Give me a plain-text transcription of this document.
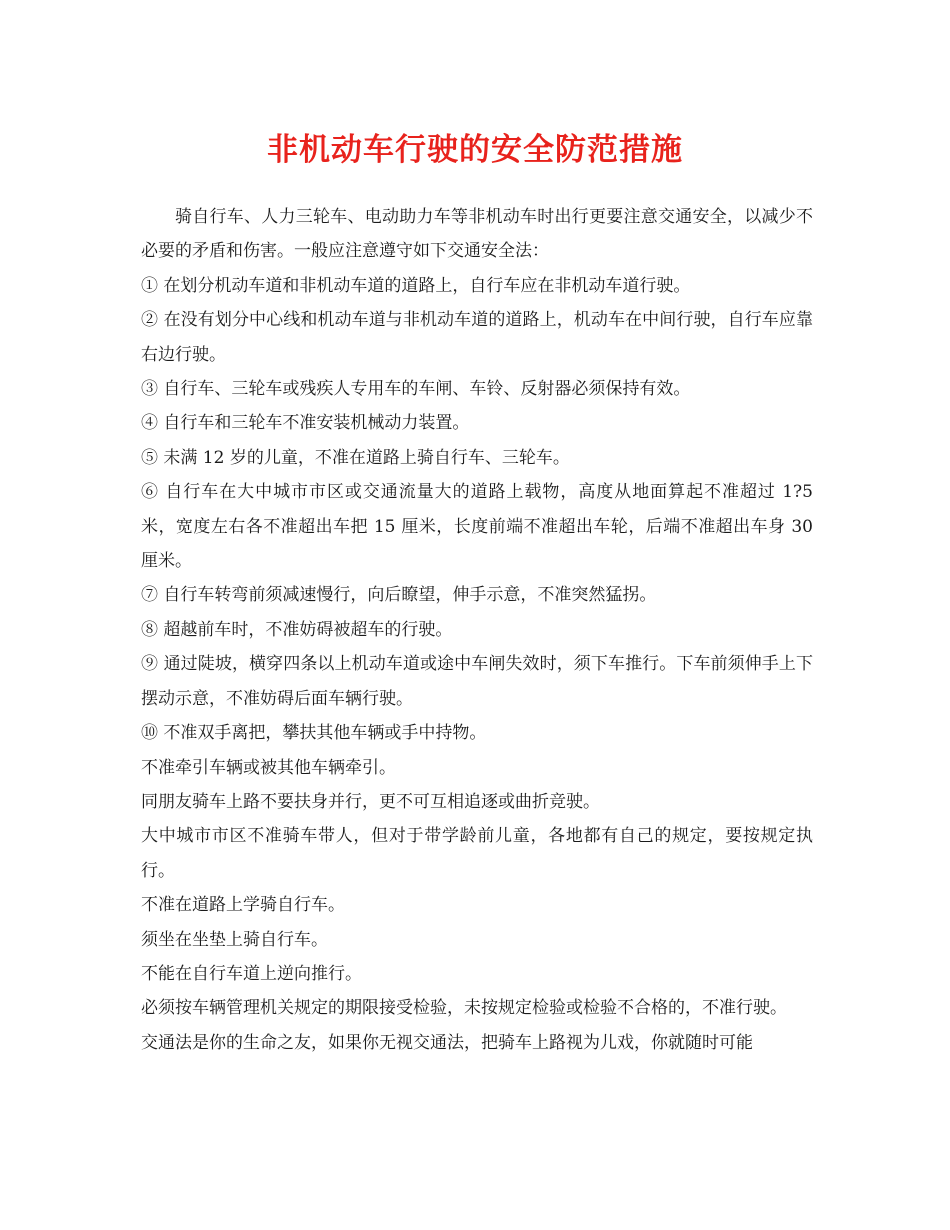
非机动车行驶的安全防范措施

骑自行车、人力三轮车、电动助力车等非机动车时出行更要注意交通安全，以减少不必要的矛盾和伤害。一般应注意遵守如下交通安全法：

① 在划分机动车道和非机动车道的道路上，自行车应在非机动车道行驶。

② 在没有划分中心线和机动车道与非机动车道的道路上，机动车在中间行驶，自行车应靠右边行驶。

③ 自行车、三轮车或残疾人专用车的车闸、车铃、反射器必须保持有效。

④ 自行车和三轮车不准安装机械动力装置。

⑤ 未满 12 岁的儿童，不准在道路上骑自行车、三轮车。

⑥ 自行车在大中城市市区或交通流量大的道路上载物，高度从地面算起不准超过 1?5 米，宽度左右各不准超出车把 15 厘米，长度前端不准超出车轮，后端不准超出车身 30 厘米。

⑦ 自行车转弯前须减速慢行，向后瞭望，伸手示意，不准突然猛拐。

⑧ 超越前车时，不准妨碍被超车的行驶。

⑨ 通过陡坡，横穿四条以上机动车道或途中车闸失效时，须下车推行。下车前须伸手上下摆动示意，不准妨碍后面车辆行驶。

⑩ 不准双手离把，攀扶其他车辆或手中持物。

不准牵引车辆或被其他车辆牵引。

同朋友骑车上路不要扶身并行，更不可互相追逐或曲折竞驶。

大中城市市区不准骑车带人，但对于带学龄前儿童，各地都有自己的规定，要按规定执行。

不准在道路上学骑自行车。

须坐在坐垫上骑自行车。

不能在自行车道上逆向推行。

必须按车辆管理机关规定的期限接受检验，未按规定检验或检验不合格的，不准行驶。

交通法是你的生命之友，如果你无视交通法，把骑车上路视为儿戏，你就随时可能
